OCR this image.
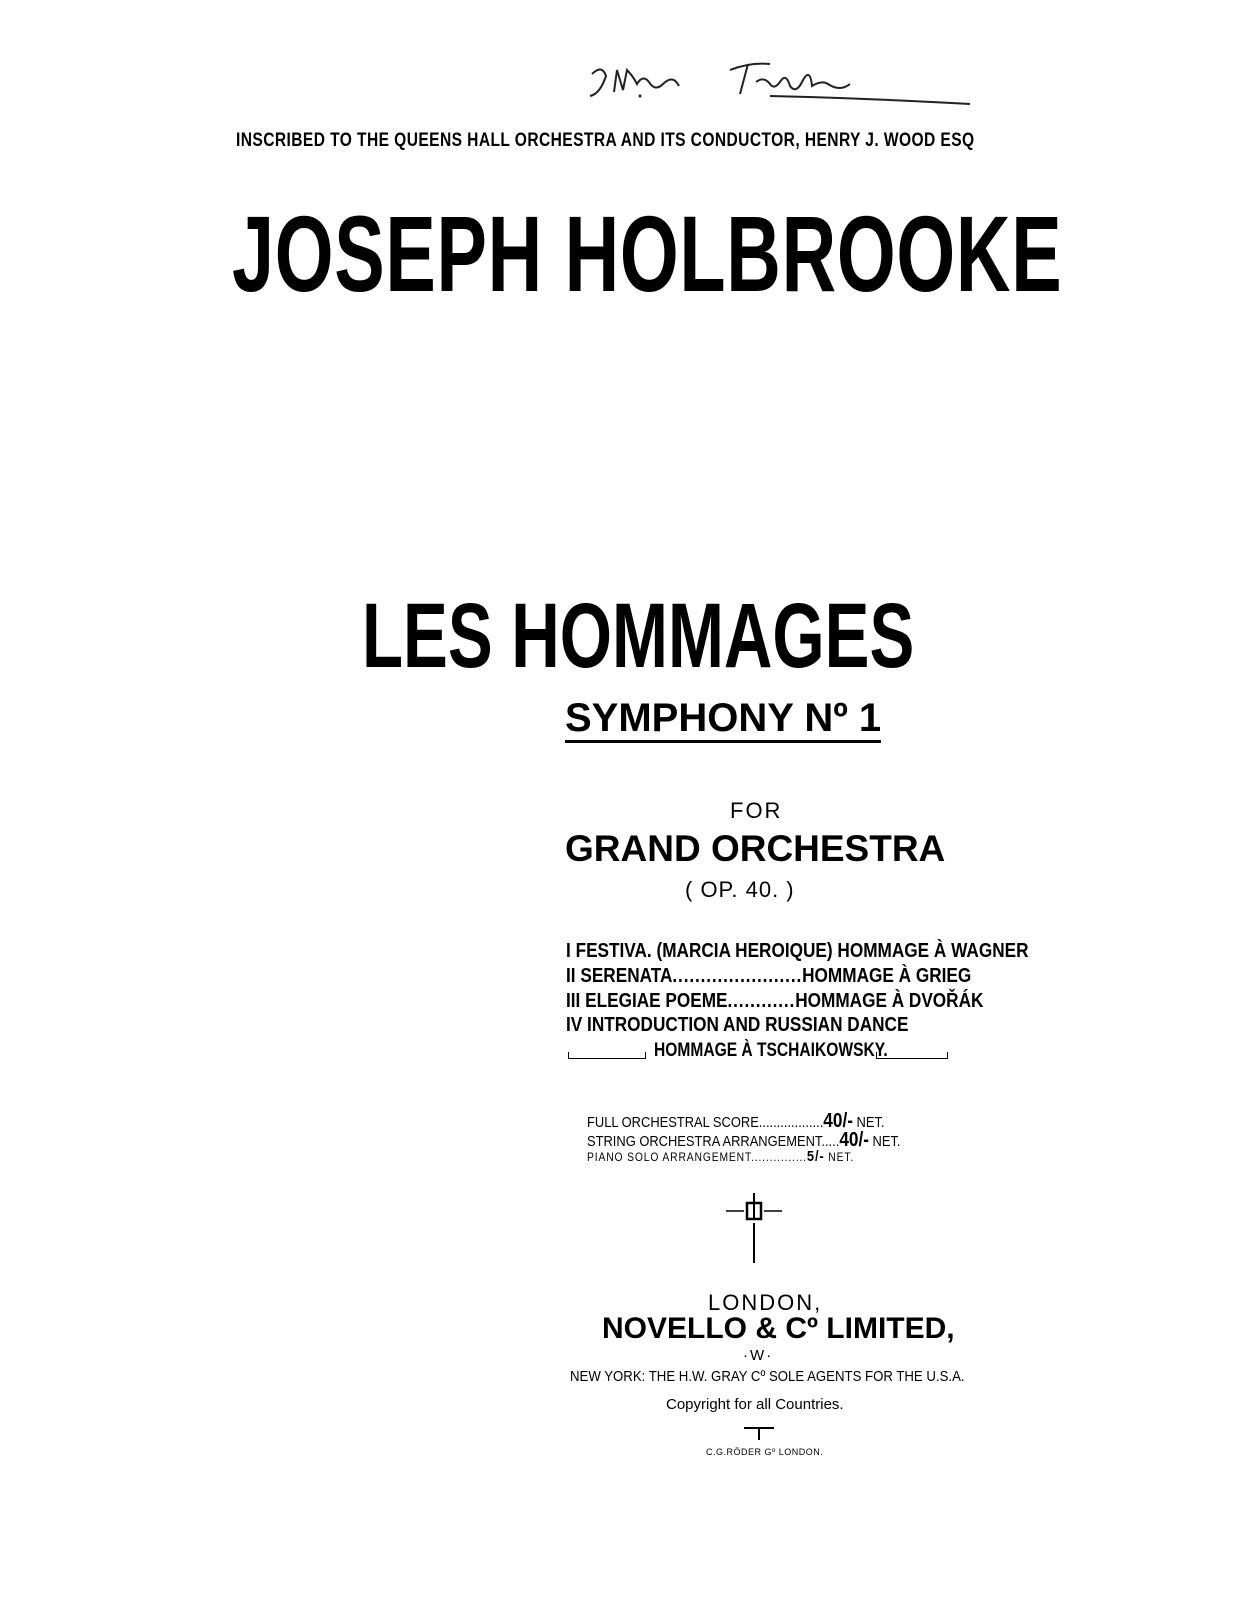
INSCRIBED TO THE QUEENS HALL ORCHESTRA AND ITS CONDUCTOR, HENRY J. WOOD ESQ
JOSEPH HOLBROOKE
LES HOMMAGES
SYMPHONY Nº 1
FOR
GRAND ORCHESTRA
( OP. 40. )
I FESTIVA. (MARCIA HEROIQUE) HOMMAGE À WAGNER
II SERENATA.......................HOMMAGE À GRIEG
III ELEGIAE POEME............HOMMAGE À DVOŘÁK
IV INTRODUCTION AND RUSSIAN DANCE
HOMMAGE À TSCHAIKOWSKY.
FULL ORCHESTRAL SCORE..................40/- NET.
STRING ORCHESTRA ARRANGEMENT.....40/- NET.
PIANO SOLO ARRANGEMENT...............5/- NET.
LONDON,
NOVELLO & Cº LIMITED,
·W·
NEW YORK: THE H.W. GRAY Cº SOLE AGENTS FOR THE U.S.A.
Copyright for all Countries.
C.G.RÖDER Gº LONDON.
